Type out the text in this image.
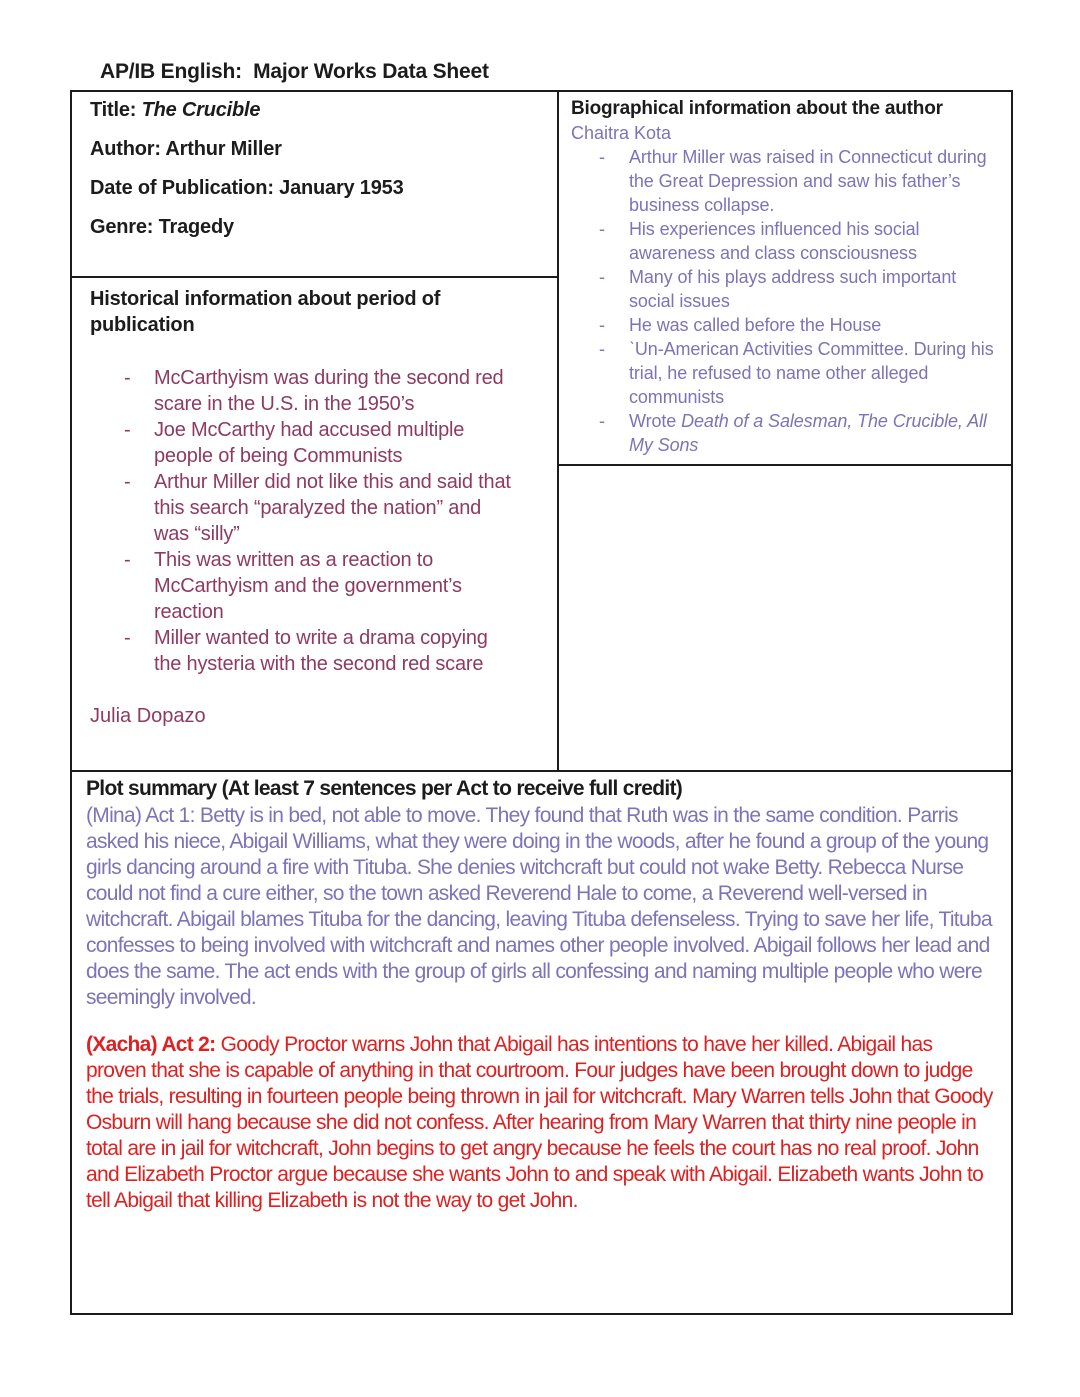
AP/IB English:  Major Works Data Sheet

Title: The Crucible

Author: Arthur Miller

Date of Publication: January 1953

Genre: Tragedy

Historical information about period of publication
-	McCarthyism was during the second red scare in the U.S. in the 1950’s
-	Joe McCarthy had accused multiple people of being Communists
-	Arthur Miller did not like this and said that this search “paralyzed the nation” and was “silly”
-	This was written as a reaction to McCarthyism and the government’s reaction
-	Miller wanted to write a drama copying the hysteria with the second red scare
Julia Dopazo
Biographical information about the author
Chaitra Kota
-	Arthur Miller was raised in Connecticut during the Great Depression and saw his father’s business collapse.
-	His experiences influenced his social awareness and class consciousness
-	Many of his plays address such important social issues
-	He was called before the House
-	ˋUn-American Activities Committee. During his trial, he refused to name other alleged communists
-	Wrote Death of a Salesman, The Crucible, All My Sons
Plot summary (At least 7 sentences per Act to receive full credit)

(Mina) Act 1: Betty is in bed, not able to move. They found that Ruth was in the same condition. Parris asked his niece, Abigail Williams, what they were doing in the woods, after he found a group of the young girls dancing around a fire with Tituba. She denies witchcraft but could not wake Betty. Rebecca Nurse could not find a cure either, so the town asked Reverend Hale to come, a Reverend well-versed in witchcraft. Abigail blames Tituba for the dancing, leaving Tituba defenseless. Trying to save her life, Tituba confesses to being involved with witchcraft and names other people involved. Abigail follows her lead and does the same. The act ends with the group of girls all confessing and naming multiple people who were seemingly involved.

(Xacha) Act 2: Goody Proctor warns John that Abigail has intentions to have her killed. Abigail has proven that she is capable of anything in that courtroom. Four judges have been brought down to judge the trials, resulting in fourteen people being thrown in jail for witchcraft. Mary Warren tells John that Goody Osburn will hang because she did not confess. After hearing from Mary Warren that thirty nine people in total are in jail for witchcraft, John begins to get angry because he feels the court has no real proof. John and Elizabeth Proctor argue because she wants John to and speak with Abigail. Elizabeth wants John to tell Abigail that killing Elizabeth is not the way to get John.
